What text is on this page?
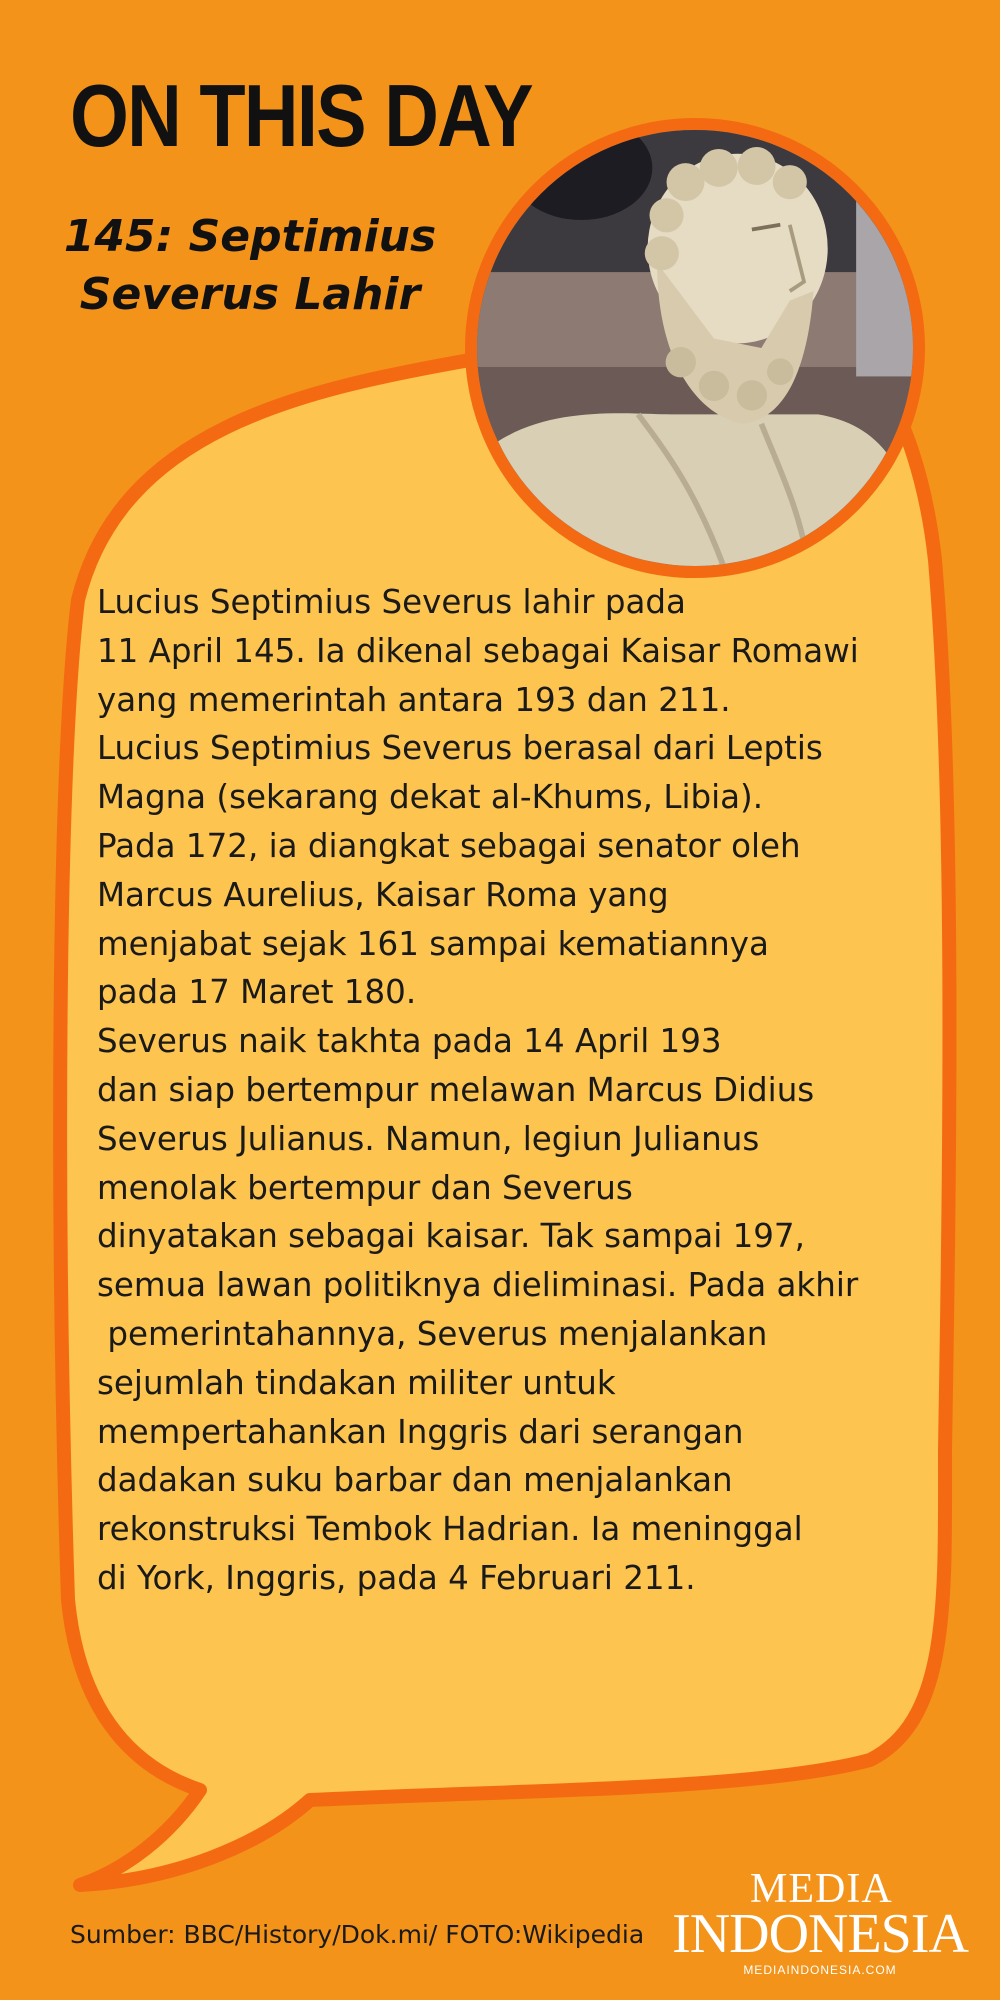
ON THIS DAY
145: Septimius Severus Lahir
Lucius Septimius Severus lahir pada
11 April 145. Ia dikenal sebagai Kaisar Romawi
yang memerintah antara 193 dan 211.
Lucius Septimius Severus berasal dari Leptis
Magna (sekarang dekat al-Khums, Libia).
Pada 172, ia diangkat sebagai senator oleh
Marcus Aurelius, Kaisar Roma yang
menjabat sejak 161 sampai kematiannya
pada 17 Maret 180.
Severus naik takhta pada 14 April 193
dan siap bertempur melawan Marcus Didius
Severus Julianus. Namun, legiun Julianus
menolak bertempur dan Severus
dinyatakan sebagai kaisar. Tak sampai 197,
semua lawan politiknya dieliminasi. Pada akhir
pemerintahannya, Severus menjalankan
sejumlah tindakan militer untuk
mempertahankan Inggris dari serangan
dadakan suku barbar dan menjalankan
rekonstruksi Tembok Hadrian. Ia meninggal
di York, Inggris, pada 4 Februari 211.

Sumber: BBC/History/Dok.mi/ FOTO:Wikipedia

MEDIA
INDONESIA
MEDIAINDONESIA.COM
